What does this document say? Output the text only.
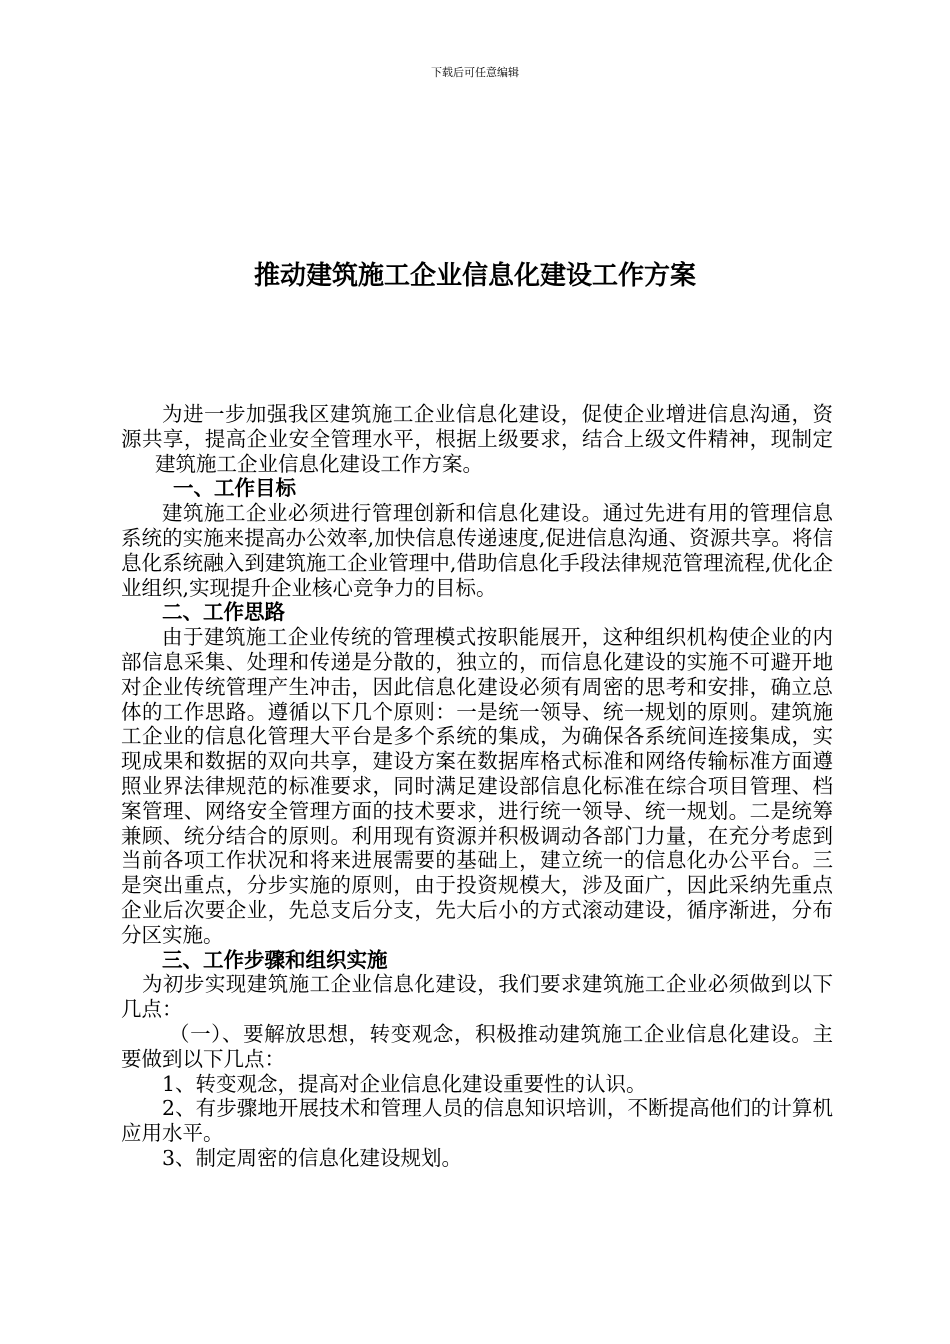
下载后可任意编辑
推动建筑施工企业信息化建设工作方案

为进一步加强我区建筑施工企业信息化建设，促使企业增进信息沟通，资源共享，提高企业安全管理水平，根据上级要求，结合上级文件精神，现制定建筑施工企业信息化建设工作方案。

一、工作目标

建筑施工企业必须进行管理创新和信息化建设。通过先进有用的管理信息系统的实施来提高办公效率,加快信息传递速度,促进信息沟通、资源共享。将信息化系统融入到建筑施工企业管理中,借助信息化手段法律规范管理流程,优化企业组织,实现提升企业核心竞争力的目标。

二、工作思路

由于建筑施工企业传统的管理模式按职能展开，这种组织机构使企业的内部信息采集、处理和传递是分散的，独立的，而信息化建设的实施不可避开地对企业传统管理产生冲击，因此信息化建设必须有周密的思考和安排，确立总体的工作思路。遵循以下几个原则：一是统一领导、统一规划的原则。建筑施工企业的信息化管理大平台是多个系统的集成，为确保各系统间连接集成，实现成果和数据的双向共享，建设方案在数据库格式标准和网络传输标准方面遵照业界法律规范的标准要求，同时满足建设部信息化标准在综合项目管理、档案管理、网络安全管理方面的技术要求，进行统一领导、统一规划。二是统筹兼顾、统分结合的原则。利用现有资源并积极调动各部门力量，在充分考虑到当前各项工作状况和将来进展需要的基础上，建立统一的信息化办公平台。三是突出重点，分步实施的原则，由于投资规模大，涉及面广，因此采纳先重点企业后次要企业，先总支后分支，先大后小的方式滚动建设，循序渐进，分布分区实施。

三、工作步骤和组织实施

为初步实现建筑施工企业信息化建设，我们要求建筑施工企业必须做到以下几点：

（一）、要解放思想，转变观念，积极推动建筑施工企业信息化建设。主要做到以下几点：

1、转变观念，提高对企业信息化建设重要性的认识。

2、有步骤地开展技术和管理人员的信息知识培训，不断提高他们的计算机应用水平。

3、制定周密的信息化建设规划。
